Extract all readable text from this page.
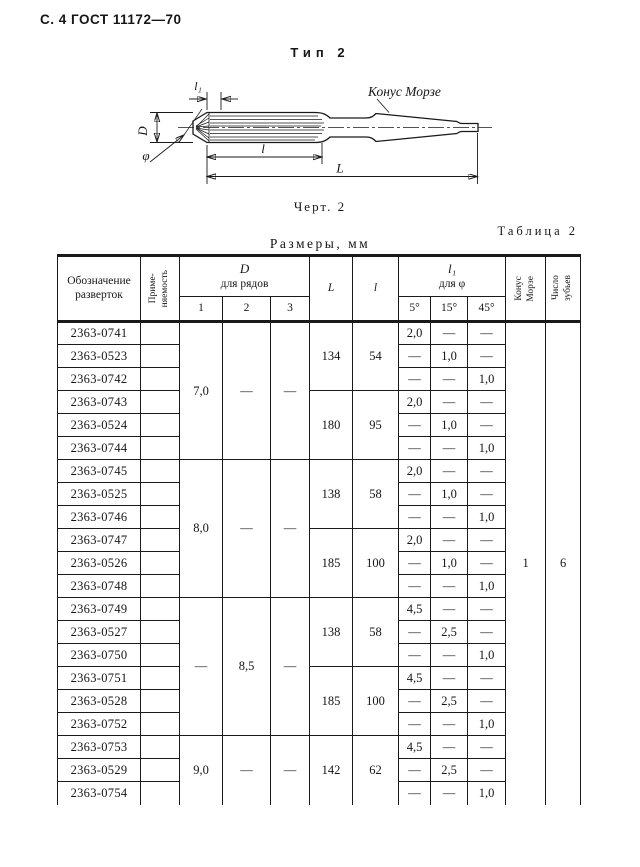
С. 4 ГОСТ 11172—70
Тип 2
l₁
D
φ	l
L
Конус Морзе
Черт. 2
Таблица 2
Размеры, мм
Обозначение
разверток	Приме- няемость	D
для рядов			L	l	l₁
для φ			Конус Морзе	Число зубьев

		1	2	3			5°	15°	45°		
2363-0741		7,0	—	—	134	54	2,0	—	—	1	6
2363-0523							—	1,0	—		
2363-0742							—	—	1,0		
2363-0743					180	95	2,0	—	—		
2363-0524							—	1,0	—		
2363-0744							—	—	1,0		
2363-0745		8,0	—	—	138	58	2,0	—	—		
2363-0525							—	1,0	—		
2363-0746							—	—	1,0		
2363-0747					185	100	2,0	—	—		
2363-0526							—	1,0	—		
2363-0748							—	—	1,0		
2363-0749		—	8,5	—	138	58	4,5	—	—		
2363-0527							—	2,5	—		
2363-0750							—	—	1,0		
2363-0751					185	100	4,5	—	—		
2363-0528							—	2,5	—		
2363-0752							—	—	1,0		
2363-0753		9,0	—	—	142	62	4,5	—	—		
2363-0529							—	2,5	—		
2363-0754							—	—	1,0		
